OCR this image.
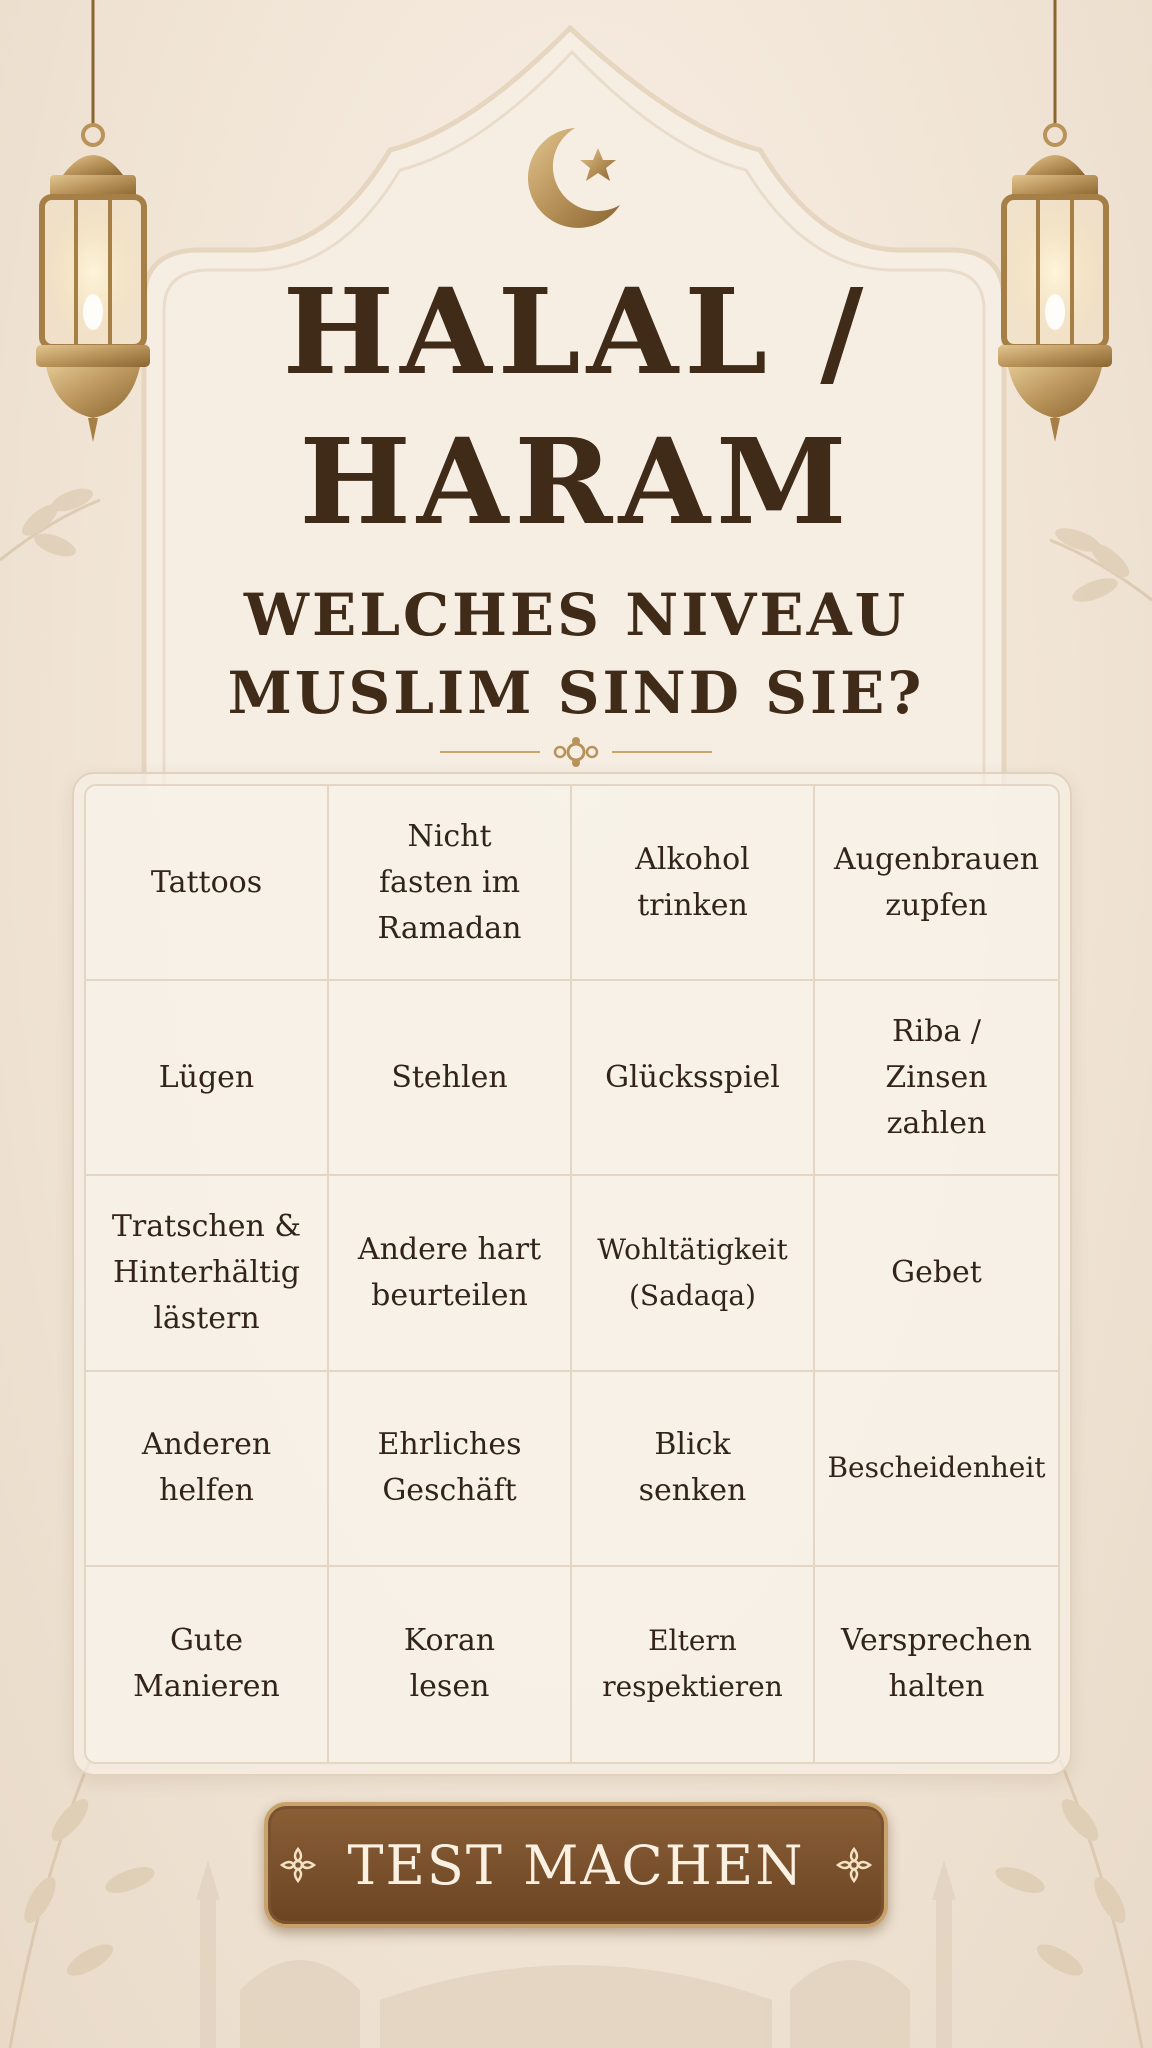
HALAL /
HARAM
WELCHES NIVEAU
MUSLIM SIND SIE?
Tattoos
Nicht
fasten im
Ramadan
Alkohol
trinken
Augenbrauen
zupfen
Lügen	Stehlen	Glücksspiel
Riba /
Zinsen
zahlen
Tratschen &
Hinterhältig
lästern
Andere hart
beurteilen
Wohltätigkeit
(Sadaqa)
Gebet
Anderen
helfen
Ehrliches
Geschäft
Blick
senken
Bescheidenheit
Gute
Manieren
Koran
lesen
Eltern
respektieren
Versprechen
halten
TEST MACHEN
